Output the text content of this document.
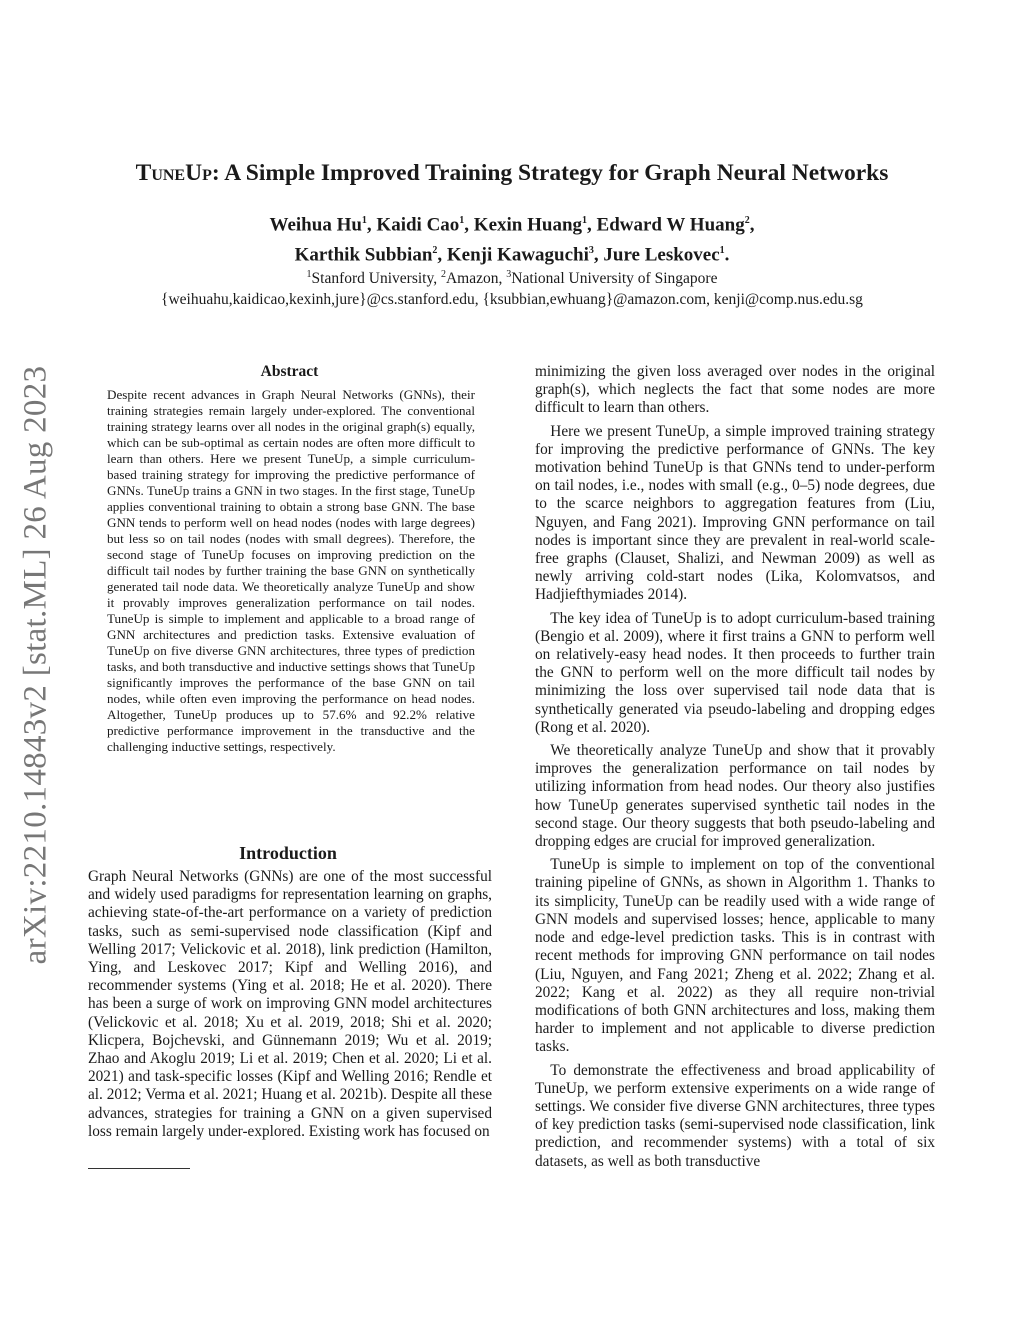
arXiv:2210.14843v2 [stat.ML] 26 Aug 2023
TuneUp: A Simple Improved Training Strategy for Graph Neural Networks
Weihua Hu$^1$, Kaidi Cao$^1$, Kexin Huang$^1$, Edward W Huang$^2$,
Karthik Subbian$^2$, Kenji Kawaguchi$^3$, Jure Leskovec$^1$.
$^1$Stanford University, $^2$Amazon, $^3$National University of Singapore
{weihuahu,kaidicao,kexinh,jure}@cs.stanford.edu, {ksubbian,ewhuang}@amazon.com, kenji@comp.nus.edu.sg
Abstract

Despite recent advances in Graph Neural Networks (GNNs), their training strategies remain largely under-explored. The conventional training strategy learns over all nodes in the original graph(s) equally, which can be sub-optimal as certain nodes are often more difficult to learn than others. Here we present TuneUp, a simple curriculum-based training strategy for improving the predictive performance of GNNs. TuneUp trains a GNN in two stages. In the first stage, TuneUp applies conventional training to obtain a strong base GNN. The base GNN tends to perform well on head nodes (nodes with large degrees) but less so on tail nodes (nodes with small degrees). Therefore, the second stage of TuneUp focuses on improving prediction on the difficult tail nodes by further training the base GNN on synthetically generated tail node data. We theoretically analyze TuneUp and show it provably improves generalization performance on tail nodes. TuneUp is simple to implement and applicable to a broad range of GNN architectures and prediction tasks. Extensive evaluation of TuneUp on five diverse GNN architectures, three types of prediction tasks, and both transductive and inductive settings shows that TuneUp significantly improves the performance of the base GNN on tail nodes, while often even improving the performance on head nodes. Altogether, TuneUp produces up to 57.6% and 92.2% relative predictive performance improvement in the transductive and the challenging inductive settings, respectively.

Introduction

Graph Neural Networks (GNNs) are one of the most successful and widely used paradigms for representation learning on graphs, achieving state-of-the-art performance on a variety of prediction tasks, such as semi-supervised node classification (Kipf and Welling 2017; Velickovic et al. 2018), link prediction (Hamilton, Ying, and Leskovec 2017; Kipf and Welling 2016), and recommender systems (Ying et al. 2018; He et al. 2020). There has been a surge of work on improving GNN model architectures (Velickovic et al. 2018; Xu et al. 2019, 2018; Shi et al. 2020; Klicpera, Bojchevski, and Günnemann 2019; Wu et al. 2019; Zhao and Akoglu 2019; Li et al. 2019; Chen et al. 2020; Li et al. 2021) and task-specific losses (Kipf and Welling 2016; Rendle et al. 2012; Verma et al. 2021; Huang et al. 2021b). Despite all these advances, strategies for training a GNN on a given supervised loss remain largely under-explored. Existing work has focused on

minimizing the given loss averaged over nodes in the original graph(s), which neglects the fact that some nodes are more difficult to learn than others.

Here we present TuneUp, a simple improved training strategy for improving the predictive performance of GNNs. The key motivation behind TuneUp is that GNNs tend to under-perform on tail nodes, i.e., nodes with small (e.g., 0–5) node degrees, due to the scarce neighbors to aggregation features from (Liu, Nguyen, and Fang 2021). Improving GNN performance on tail nodes is important since they are prevalent in real-world scale-free graphs (Clauset, Shalizi, and Newman 2009) as well as newly arriving cold-start nodes (Lika, Kolomvatsos, and Hadjiefthymiades 2014).

The key idea of TuneUp is to adopt curriculum-based training (Bengio et al. 2009), where it first trains a GNN to perform well on relatively-easy head nodes. It then proceeds to further train the GNN to perform well on the more difficult tail nodes by minimizing the loss over supervised tail node data that is synthetically generated via pseudo-labeling and dropping edges (Rong et al. 2020).

We theoretically analyze TuneUp and show that it provably improves the generalization performance on tail nodes by utilizing information from head nodes. Our theory also justifies how TuneUp generates supervised synthetic tail nodes in the second stage. Our theory suggests that both pseudo-labeling and dropping edges are crucial for improved generalization.

TuneUp is simple to implement on top of the conventional training pipeline of GNNs, as shown in Algorithm 1. Thanks to its simplicity, TuneUp can be readily used with a wide range of GNN models and supervised losses; hence, applicable to many node and edge-level prediction tasks. This is in contrast with recent methods for improving GNN performance on tail nodes (Liu, Nguyen, and Fang 2021; Zheng et al. 2022; Zhang et al. 2022; Kang et al. 2022) as they all require non-trivial modifications of both GNN architectures and loss, making them harder to implement and not applicable to diverse prediction tasks.

To demonstrate the effectiveness and broad applicability of TuneUp, we perform extensive experiments on a wide range of settings. We consider five diverse GNN architectures, three types of key prediction tasks (semi-supervised node classification, link prediction, and recommender systems) with a total of six datasets, as well as both transductive
